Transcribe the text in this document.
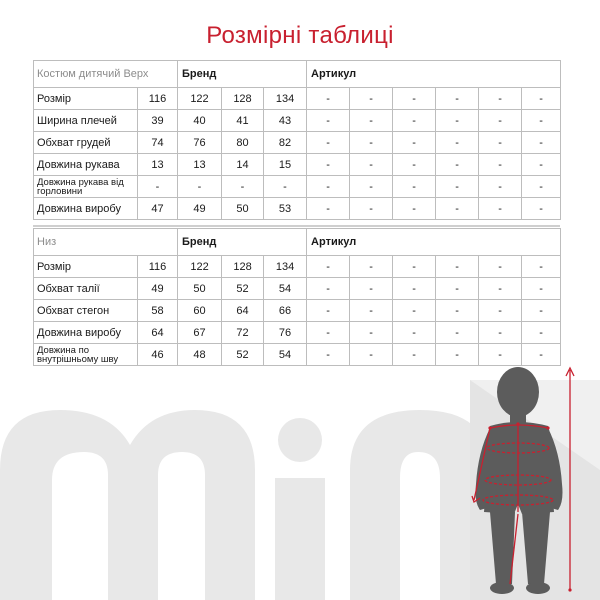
Розмірні таблиці
Костюм дитячий Верх		Бренд			Артикул					
Розмір	116	122	128	134	-	-	-	-	-	-
Ширина плечей	39	40	41	43	-	-	-	-	-	-
Обхват грудей	74	76	80	82	-	-	-	-	-	-
Довжина рукава	13	13	14	15	-	-	-	-	-	-
Довжина рукава від горловини	-	-	-	-	-	-	-	-	-	-
Довжина виробу	47	49	50	53	-	-	-	-	-	-
Низ		Бренд			Артикул					
Розмір	116	122	128	134	-	-	-	-	-	-
Обхват талії	49	50	52	54	-	-	-	-	-	-
Обхват стегон	58	60	64	66	-	-	-	-	-	-
Довжина виробу	64	67	72	76	-	-	-	-	-	-
Довжина по внутрішньому шву	46	48	52	54	-	-	-	-	-	-
